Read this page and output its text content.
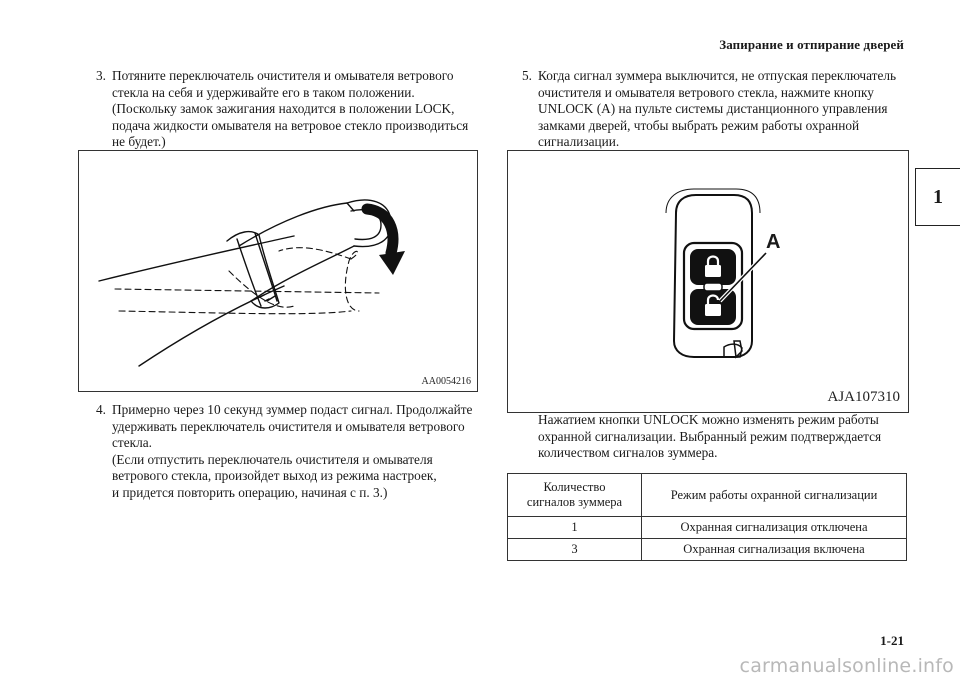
Запирание и отпирание дверей
1
3. Потяните переключатель очистителя и омывателя ветрового
стекла на себя и удерживайте его в таком положении.
(Поскольку замок зажигания находится в положении LOCK,
подача жидкости омывателя на ветровое стекло производиться
не будет.)
AA0054216
4. Примерно через 10 секунд зуммер подаст сигнал. Продолжайте
удерживать переключатель очистителя и омывателя ветрового
стекла.
(Если отпустить переключатель очистителя и омывателя
ветрового стекла, произойдет выход из режима настроек,
и придется повторить операцию, начиная с п. 3.)
5. Когда сигнал зуммера выключится, не отпуская переключатель
очистителя и омывателя ветрового стекла, нажмите кнопку
UNLOCK (A) на пульте системы дистанционного управления
замками дверей, чтобы выбрать режим работы охранной
сигнализации.
A
AJA107310
Нажатием кнопки UNLOCK можно изменять режим работы
охранной сигнализации. Выбранный режим подтверждается
количеством сигналов зуммера.
Количество
сигналов зуммера	Режим работы охранной сигнализации
1	Охранная сигнализация отключена
3	Охранная сигнализация включена
1-21
carmanualsonline.info
